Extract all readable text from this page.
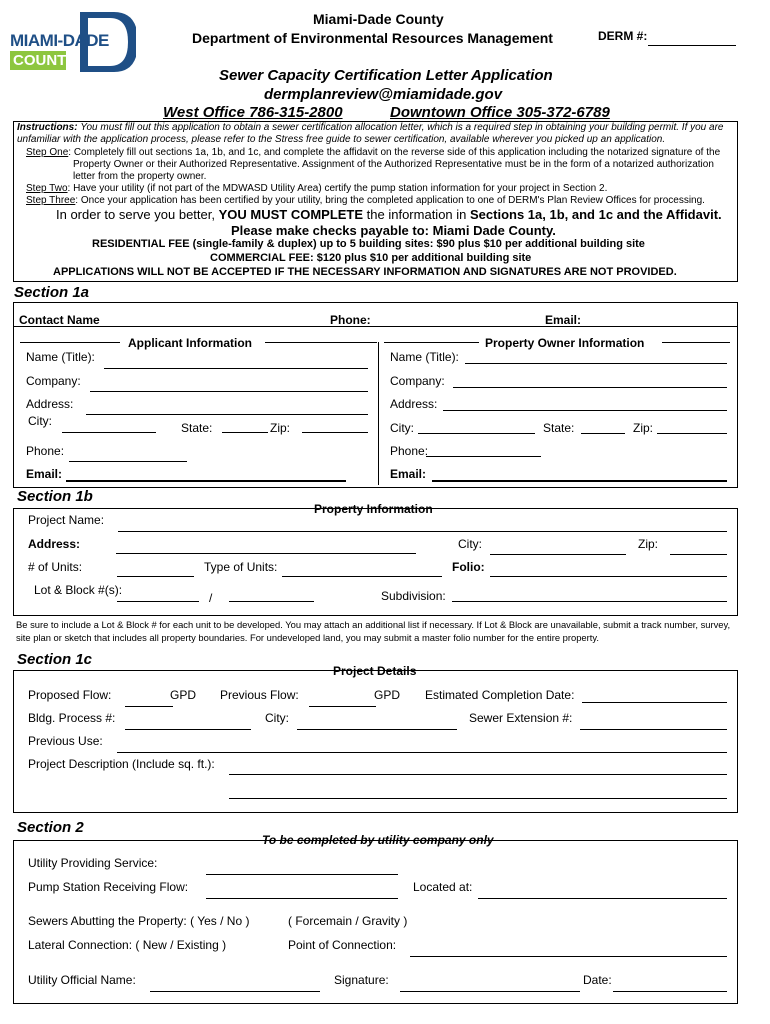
MIAMI-DADE
COUNTY
Miami-Dade County
Department of Environmental Resources Management	DERM #:
Sewer Capacity Certification Letter Application
dermplanreview@miamidade.gov
West Office 786-315-2800	Downtown Office 305-372-6789
Instructions: You must fill out this application to obtain a sewer certification allocation letter, which is a required step in obtaining your building permit. If you are unfamiliar with the application process, please refer to the Stress free guide to sewer certification, available wherever you picked up an application.
Step One: Completely fill out sections 1a, 1b, and 1c, and complete the affidavit on the reverse side of this application including the notarized signature of the
Property Owner or their Authorized Representative. Assignment of the Authorized Representative must be in the form of a notarized authorization
letter from the property owner.
Step Two: Have your utility (if not part of the MDWASD Utility Area) certify the pump station information for your project in Section 2.
Step Three: Once your application has been certified by your utility, bring the completed application to one of DERM's Plan Review Offices for processing.
In order to serve you better, YOU MUST COMPLETE the information in Sections 1a, 1b, and 1c and the Affidavit.
Please make checks payable to: Miami Dade County.
RESIDENTIAL FEE (single-family & duplex) up to 5 building sites: $90 plus $10 per additional building site
COMMERCIAL FEE: $120 plus $10 per additional building site
APPLICATIONS WILL NOT BE ACCEPTED IF THE NECESSARY INFORMATION AND SIGNATURES ARE NOT PROVIDED.
Section 1a
Contact Name	Phone:	Email:
Applicant Information	Property Owner Information
Name (Title):
Company:
Address:
City:	State:	Zip:
Phone:
Email:
Name (Title):
Company:
Address:
City:	State:	Zip:
Phone:
Email:
Section 1b
Property Information
Project Name:
Address:	City:	Zip:
# of Units:	Type of Units:	Folio:
Lot & Block #(s):
/	Subdivision:
Be sure to include a Lot & Block # for each unit to be developed. You may attach an additional list if necessary. If Lot & Block are unavailable, submit a track number, survey, site plan or sketch that includes all property boundaries. For undeveloped land, you may submit a master folio number for the entire property.
Section 1c
Project Details
Proposed Flow:	GPD Previous Flow:	GPD Estimated Completion Date:
Bldg. Process #:	City:	Sewer Extension #:
Previous Use:
Project Description (Include sq. ft.):
Section 2
To be completed by utility company only
Utility Providing Service:
Pump Station Receiving Flow:	Located at:
Sewers Abutting the Property: ( Yes / No )	( Forcemain / Gravity )
Lateral Connection: ( New / Existing )	Point of Connection:
Utility Official Name:	Signature:	Date:
